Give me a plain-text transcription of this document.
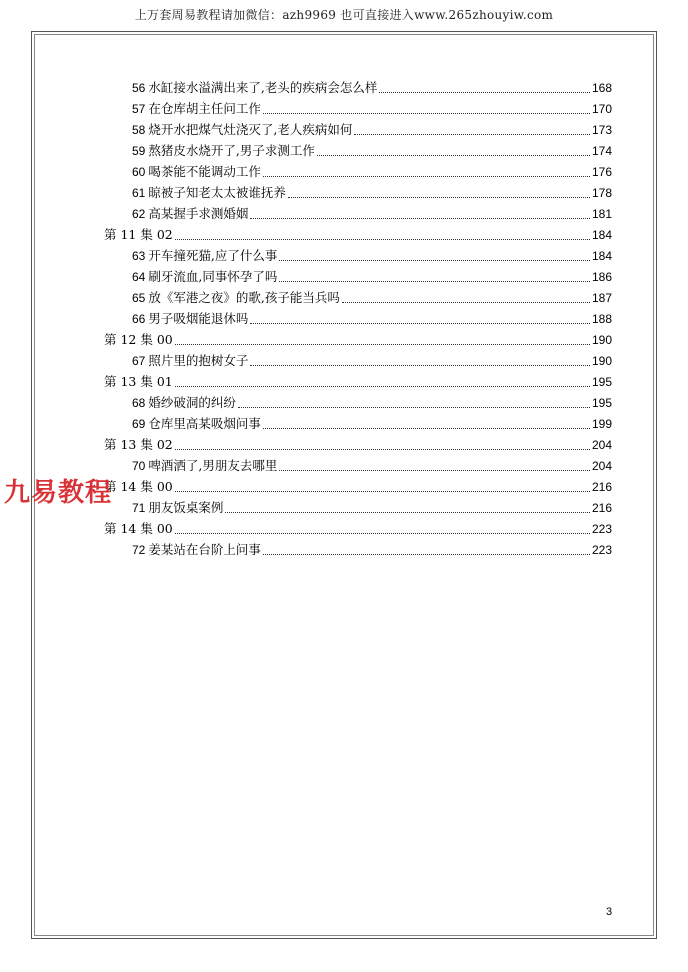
上万套周易教程请加微信：azh9969 也可直接进入www.265zhouyiw.com
56 水缸接水溢满出来了,老头的疾病会怎么样	168
57 在仓库胡主任问工作	170
58 烧开水把煤气灶浇灭了,老人疾病如何	173
59 熬猪皮水烧开了,男子求测工作	174
60 喝茶能不能调动工作	176
61 晾被子知老太太被谁抚养	178
62 高某握手求测婚姻	181
第 11 集 02	184
63 开车撞死猫,应了什么事	184
64 刷牙流血,同事怀孕了吗	186
65 放《军港之夜》的歌,孩子能当兵吗	187
66 男子吸烟能退休吗	188
第 12 集 00	190
67 照片里的抱树女子	190
第 13 集 01	195
68 婚纱破洞的纠纷	195
69 仓库里高某吸烟问事	199
第 13 集 02	204
70 啤酒洒了,男朋友去哪里	204
第 14 集 00	216
71 朋友饭桌案例	216
第 14 集 00	223
72 姜某站在台阶上问事	223
九易教程
3
